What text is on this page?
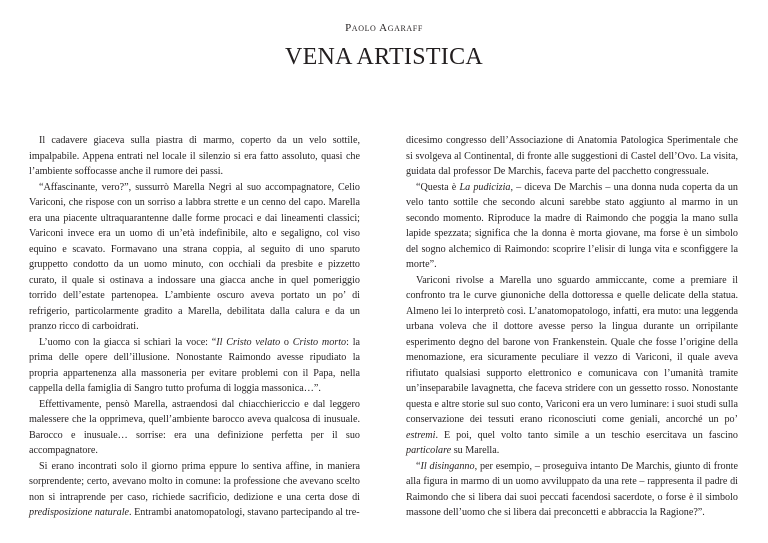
Paolo Agaraff
VENA ARTISTICA

Il cadavere giaceva sulla piastra di marmo, coperto da un velo sottile, impalpabile. Appena entrati nel locale il silenzio si era fatto assoluto, quasi che l’ambiente soffocasse anche il rumore dei passi.

“Affascinante, vero?”, sussurrò Marella Negri al suo accompagnatore, Celio Variconi, che rispose con un sorriso a labbra strette e un cenno del capo. Marella era una piacente ultraquarantenne dalle forme procaci e dai lineamenti classici; Variconi invece era un uomo di un’età indefinibile, alto e segaligno, col viso equino e scavato. Formavano una strana coppia, al seguito di uno sparuto gruppetto condotto da un uomo minuto, con occhiali da presbite e pizzetto curato, il quale si ostinava a indossare una giacca anche in quel pomeriggio torrido dell’estate partenopea. L’ambiente oscuro aveva portato un po’ di refrigerio, particolarmente gradito a Marella, debilitata dalla calura e da un pranzo ricco di carboidrati.

L’uomo con la giacca si schiarì la voce: “Il Cristo velato o Cristo morto: la prima delle opere dell’illusione. Nonostante Raimondo avesse ripudiato la propria appartenenza alla massoneria per evitare problemi con il Papa, nella cappella della famiglia di Sangro tutto profuma di loggia massonica…”.

Effettivamente, pensò Marella, astraendosi dal chiacchiericcio e dal leggero malessere che la opprimeva, quell’ambiente barocco aveva qualcosa di inusuale. Barocco e inusuale… sorrise: era una definizione perfetta per il suo accompagnatore.

Si erano incontrati solo il giorno prima eppure lo sentiva affine, in maniera sorprendente; certo, avevano molto in comune: la professione che avevano scelto non si intraprende per caso, richiede sacrificio, dedizione e una certa dose di predisposizione naturale. Entrambi anatomopatologi, stavano partecipando al tre-

dicesimo congresso dell’Associazione di Anatomia Patologica Sperimentale che si svolgeva al Continental, di fronte alle suggestioni di Castel dell’Ovo. La visita, guidata dal professor De Marchis, faceva parte del pacchetto congressuale.

“Questa è La pudicizia, – diceva De Marchis – una donna nuda coperta da un velo tanto sottile che secondo alcuni sarebbe stato aggiunto al marmo in un secondo momento. Riproduce la madre di Raimondo che poggia la mano sulla lapide spezzata; significa che la donna è morta giovane, ma forse è un simbolo del sogno alchemico di Raimondo: scoprire l’elisir di lunga vita e sconfiggere la morte”.

Variconi rivolse a Marella uno sguardo ammiccante, come a premiare il confronto tra le curve giunoniche della dottoressa e quelle delicate della statua. Almeno lei lo interpretò così. L’anatomopatologo, infatti, era muto: una leggenda urbana voleva che il dottore avesse perso la lingua durante un orripilante esperimento degno del barone von Frankenstein. Quale che fosse l’origine della menomazione, era sicuramente peculiare il vezzo di Variconi, il quale aveva rifiutato qualsiasi supporto elettronico e comunicava con l’umanità tramite un’inseparabile lavagnetta, che faceva stridere con un gessetto rosso. Nonostante questa e altre storie sul suo conto, Variconi era un vero luminare: i suoi studi sulla conservazione dei tessuti erano riconosciuti come geniali, ancorché un po’ estremi. E poi, quel volto tanto simile a un teschio esercitava un fascino particolare su Marella.

“Il disinganno, per esempio, – proseguiva intanto De Marchis, giunto di fronte alla figura in marmo di un uomo avviluppato da una rete – rappresenta il padre di Raimondo che si libera dai suoi peccati facendosi sacerdote, o forse è il simbolo massone dell’uomo che si libera dai preconcetti e abbraccia la Ragione?”.
